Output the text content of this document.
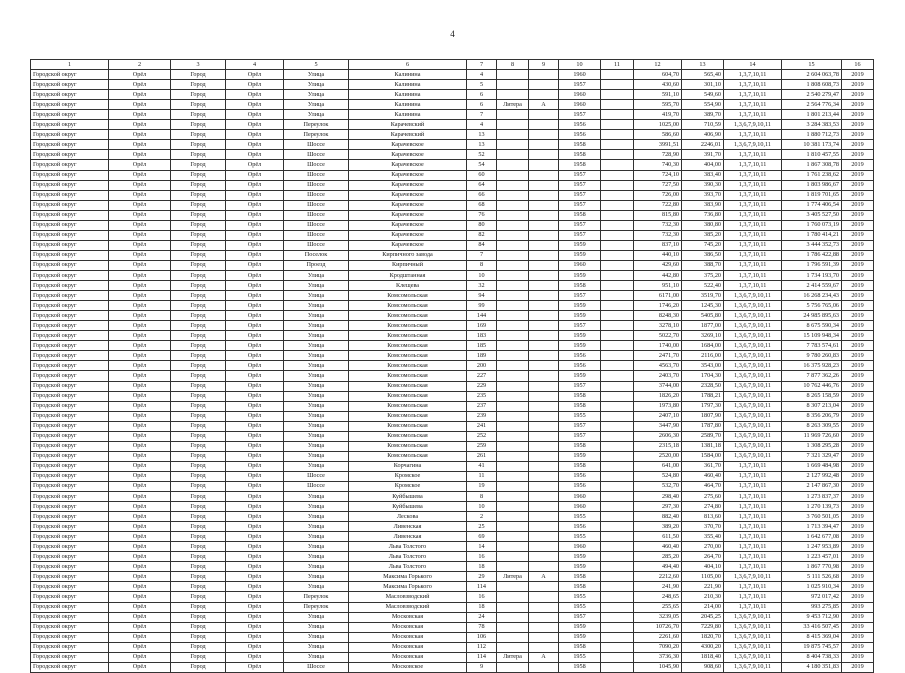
4
1	2	3	4	5	6	7	8	9	10	11	12	13	14	15	16
Городской округ	Орёл	Город	Орёл	Улица	Калинина	4			1960		604,70	565,40	1,3,7,10,11	2 604 063,78	2019
Городской округ	Орёл	Город	Орёл	Улица	Калинина	5			1957		430,60	301,10	1,3,7,10,11	1 808 608,73	2019
Городской округ	Орёл	Город	Орёл	Улица	Калинина	6			1960		591,10	549,60	1,3,7,10,11	2 540 279,47	2019
Городской округ	Орёл	Город	Орёл	Улица	Калинина	6	Литера	А	1960		595,70	554,90	1,3,7,10,11	2 564 776,34	2019
Городской округ	Орёл	Город	Орёл	Улица	Калинина	7			1957		419,70	389,70	1,3,7,10,11	1 801 213,44	2019
Городской округ	Орёл	Город	Орёл	Переулок	Карачевский	4			1956		1025,00	710,59	1,3,6,7,9,10,11	3 284 383,53	2019
Городской округ	Орёл	Город	Орёл	Переулок	Карачевский	13			1956		586,60	406,90	1,3,7,10,11	1 880 712,73	2019
Городской округ	Орёл	Город	Орёл	Шоссе	Карачевское	13			1958		3991,51	2246,01	1,3,6,7,9,10,11	10 381 173,74	2019
Городской округ	Орёл	Город	Орёл	Шоссе	Карачевское	52			1958		728,90	391,70	1,3,7,10,11	1 810 457,55	2019
Городской округ	Орёл	Город	Орёл	Шоссе	Карачевское	54			1958		740,30	404,00	1,3,7,10,11	1 867 308,78	2019
Городской округ	Орёл	Город	Орёл	Шоссе	Карачевское	60			1957		724,10	383,40	1,3,7,10,11	1 761 238,62	2019
Городской округ	Орёл	Город	Орёл	Шоссе	Карачевское	64			1957		727,50	390,30	1,3,7,10,11	1 803 986,67	2019
Городской округ	Орёл	Город	Орёл	Шоссе	Карачевское	66			1957		726,00	393,70	1,3,7,10,11	1 819 701,65	2019
Городской округ	Орёл	Город	Орёл	Шоссе	Карачевское	68			1957		722,80	383,90	1,3,7,10,11	1 774 406,54	2019
Городской округ	Орёл	Город	Орёл	Шоссе	Карачевское	76			1958		815,80	736,80	1,3,7,10,11	3 405 527,50	2019
Городской округ	Орёл	Город	Орёл	Шоссе	Карачевское	80			1957		732,30	380,80	1,3,7,10,11	1 760 073,19	2019
Городской округ	Орёл	Город	Орёл	Шоссе	Карачевское	82			1957		732,30	385,20	1,3,7,10,11	1 780 414,21	2019
Городской округ	Орёл	Город	Орёл	Шоссе	Карачевское	84			1959		837,10	745,20	1,3,7,10,11	3 444 352,73	2019
Городской округ	Орёл	Город	Орёл	Поселок	Кирпичного завода	7			1959		440,10	386,50	1,3,7,10,11	1 786 422,88	2019
Городской округ	Орёл	Город	Орёл	Проезд	Кирпичный	8			1960		429,60	388,70	1,3,7,10,11	1 796 591,39	2019
Городской округ	Орёл	Город	Орёл	Улица	Кродштанная	10			1959		442,80	375,20	1,3,7,10,11	1 734 193,70	2019
Городской округ	Орёл	Город	Орёл	Улица	Клещева	32			1958		951,10	522,40	1,3,7,10,11	2 414 559,67	2019
Городской округ	Орёл	Город	Орёл	Улица	Комсомольская	94			1957		6171,00	3519,70	1,3,6,7,9,10,11	16 268 234,43	2019
Городской округ	Орёл	Город	Орёл	Улица	Комсомольская	99			1959		1746,20	1245,30	1,3,6,7,9,10,11	5 756 765,06	2019
Городской округ	Орёл	Город	Орёл	Улица	Комсомольская	144			1959		8248,30	5405,80	1,3,6,7,9,10,11	24 985 895,63	2019
Городской округ	Орёл	Город	Орёл	Улица	Комсомольская	169			1957		3278,10	1877,00	1,3,6,7,9,10,11	8 675 590,34	2019
Городской округ	Орёл	Город	Орёл	Улица	Комсомольская	183			1959		5022,70	3269,10	1,3,6,7,9,10,11	15 109 948,34	2019
Городской округ	Орёл	Город	Орёл	Улица	Комсомольская	185			1959		1740,00	1684,00	1,3,6,7,9,10,11	7 783 574,61	2019
Городской округ	Орёл	Город	Орёл	Улица	Комсомольская	189			1956		2471,70	2116,00	1,3,6,7,9,10,11	9 780 260,83	2019
Городской округ	Орёл	Город	Орёл	Улица	Комсомольская	200			1956		4563,70	3543,00	1,3,6,7,9,10,11	16 375 928,23	2019
Городской округ	Орёл	Город	Орёл	Улица	Комсомольская	227			1959		2403,70	1704,30	1,3,6,7,9,10,11	7 877 362,26	2019
Городской округ	Орёл	Город	Орёл	Улица	Комсомольская	229			1957		3744,00	2328,50	1,3,6,7,9,10,11	10 762 446,76	2019
Городской округ	Орёл	Город	Орёл	Улица	Комсомольская	235			1958		1826,20	1788,21	1,3,6,7,9,10,11	8 265 158,59	2019
Городской округ	Орёл	Город	Орёл	Улица	Комсомольская	237			1958		1973,80	1797,30	1,3,6,7,9,10,11	8 307 213,04	2019
Городской округ	Орёл	Город	Орёл	Улица	Комсомольская	239			1955		2407,10	1807,90	1,3,6,7,9,10,11	8 356 206,79	2019
Городской округ	Орёл	Город	Орёл	Улица	Комсомольская	241			1957		3447,90	1787,80	1,3,6,7,9,10,11	8 263 309,55	2019
Городской округ	Орёл	Город	Орёл	Улица	Комсомольская	252			1957		2606,30	2589,70	1,3,6,7,9,10,11	11 969 726,60	2019
Городской округ	Орёл	Город	Орёл	Улица	Комсомольская	259			1958		2315,18	1381,18	1,3,6,7,9,10,11	1 308 295,28	2019
Городской округ	Орёл	Город	Орёл	Улица	Комсомольская	261			1959		2520,00	1584,00	1,3,6,7,9,10,11	7 321 329,47	2019
Городской округ	Орёл	Город	Орёл	Улица	Корчагина	41			1958		641,00	361,70	1,3,7,10,11	1 669 484,98	2019
Городской округ	Орёл	Город	Орёл	Шоссе	Кромское	11			1956		524,80	460,40	1,3,7,10,11	2 127 992,48	2019
Городской округ	Орёл	Город	Орёл	Шоссе	Кромское	19			1956		532,70	464,70	1,3,7,10,11	2 147 867,30	2019
Городской округ	Орёл	Город	Орёл	Улица	Куйбышева	8			1960		298,40	275,60	1,3,7,10,11	1 273 837,37	2019
Городской округ	Орёл	Город	Орёл	Улица	Куйбышева	10			1960		297,30	274,80	1,3,7,10,11	1 270 139,73	2019
Городской округ	Орёл	Город	Орёл	Улица	Лесковa	2			1955		882,40	813,60	1,3,7,10,11	3 760 501,05	2019
Городской округ	Орёл	Город	Орёл	Улица	Ливенская	25			1956		389,20	370,70	1,3,7,10,11	1 713 394,47	2019
Городской округ	Орёл	Город	Орёл	Улица	Ливенская	69			1955		611,50	355,40	1,3,7,10,11	1 642 677,08	2019
Городской округ	Орёл	Город	Орёл	Улица	Льва Толстого	14			1960		460,40	270,00	1,3,7,10,11	1 247 953,89	2019
Городской округ	Орёл	Город	Орёл	Улица	Льва Толстого	16			1959		285,20	264,70	1,3,7,10,11	1 223 457,01	2019
Городской округ	Орёл	Город	Орёл	Улица	Льва Толстого	18			1959		494,40	404,10	1,3,7,10,11	1 867 770,98	2019
Городской округ	Орёл	Город	Орёл	Улица	Максима Горького	29	Литера	А	1958		2212,60	1105,00	1,3,6,7,9,10,11	5 111 526,68	2019
Городской округ	Орёл	Город	Орёл	Улица	Максима Горького	114			1958		241,90	221,90	1,3,7,10,11	1 025 910,34	2019
Городской округ	Орёл	Город	Орёл	Переулок	Масловзводский	16			1955		248,65	210,30	1,3,7,10,11	972 017,42	2019
Городской округ	Орёл	Город	Орёл	Переулок	Масловзводский	18			1955		255,65	214,00	1,3,7,10,11	993 275,85	2019
Городской округ	Орёл	Город	Орёл	Улица	Московская	24			1957		3239,05	2045,25	1,3,6,7,9,10,11	9 453 712,90	2019
Городской округ	Орёл	Город	Орёл	Улица	Московская	78			1959		10726,70	7229,80	1,3,6,7,9,10,11	33 416 507,45	2019
Городской округ	Орёл	Город	Орёл	Улица	Московская	106			1959		2261,60	1820,70	1,3,6,7,9,10,11	8 415 369,04	2019
Городской округ	Орёл	Город	Орёл	Улица	Московская	112			1958		7090,20	4300,20	1,3,6,7,9,10,11	19 875 745,57	2019
Городской округ	Орёл	Город	Орёл	Улица	Московская	114	Литера	А	1955		3736,30	1818,40	1,3,6,7,9,10,11	8 404 738,33	2019
Городской округ	Орёл	Город	Орёл	Шоссе	Московское	9			1958		1045,90	908,60	1,3,6,7,9,10,11	4 180 351,83	2019
